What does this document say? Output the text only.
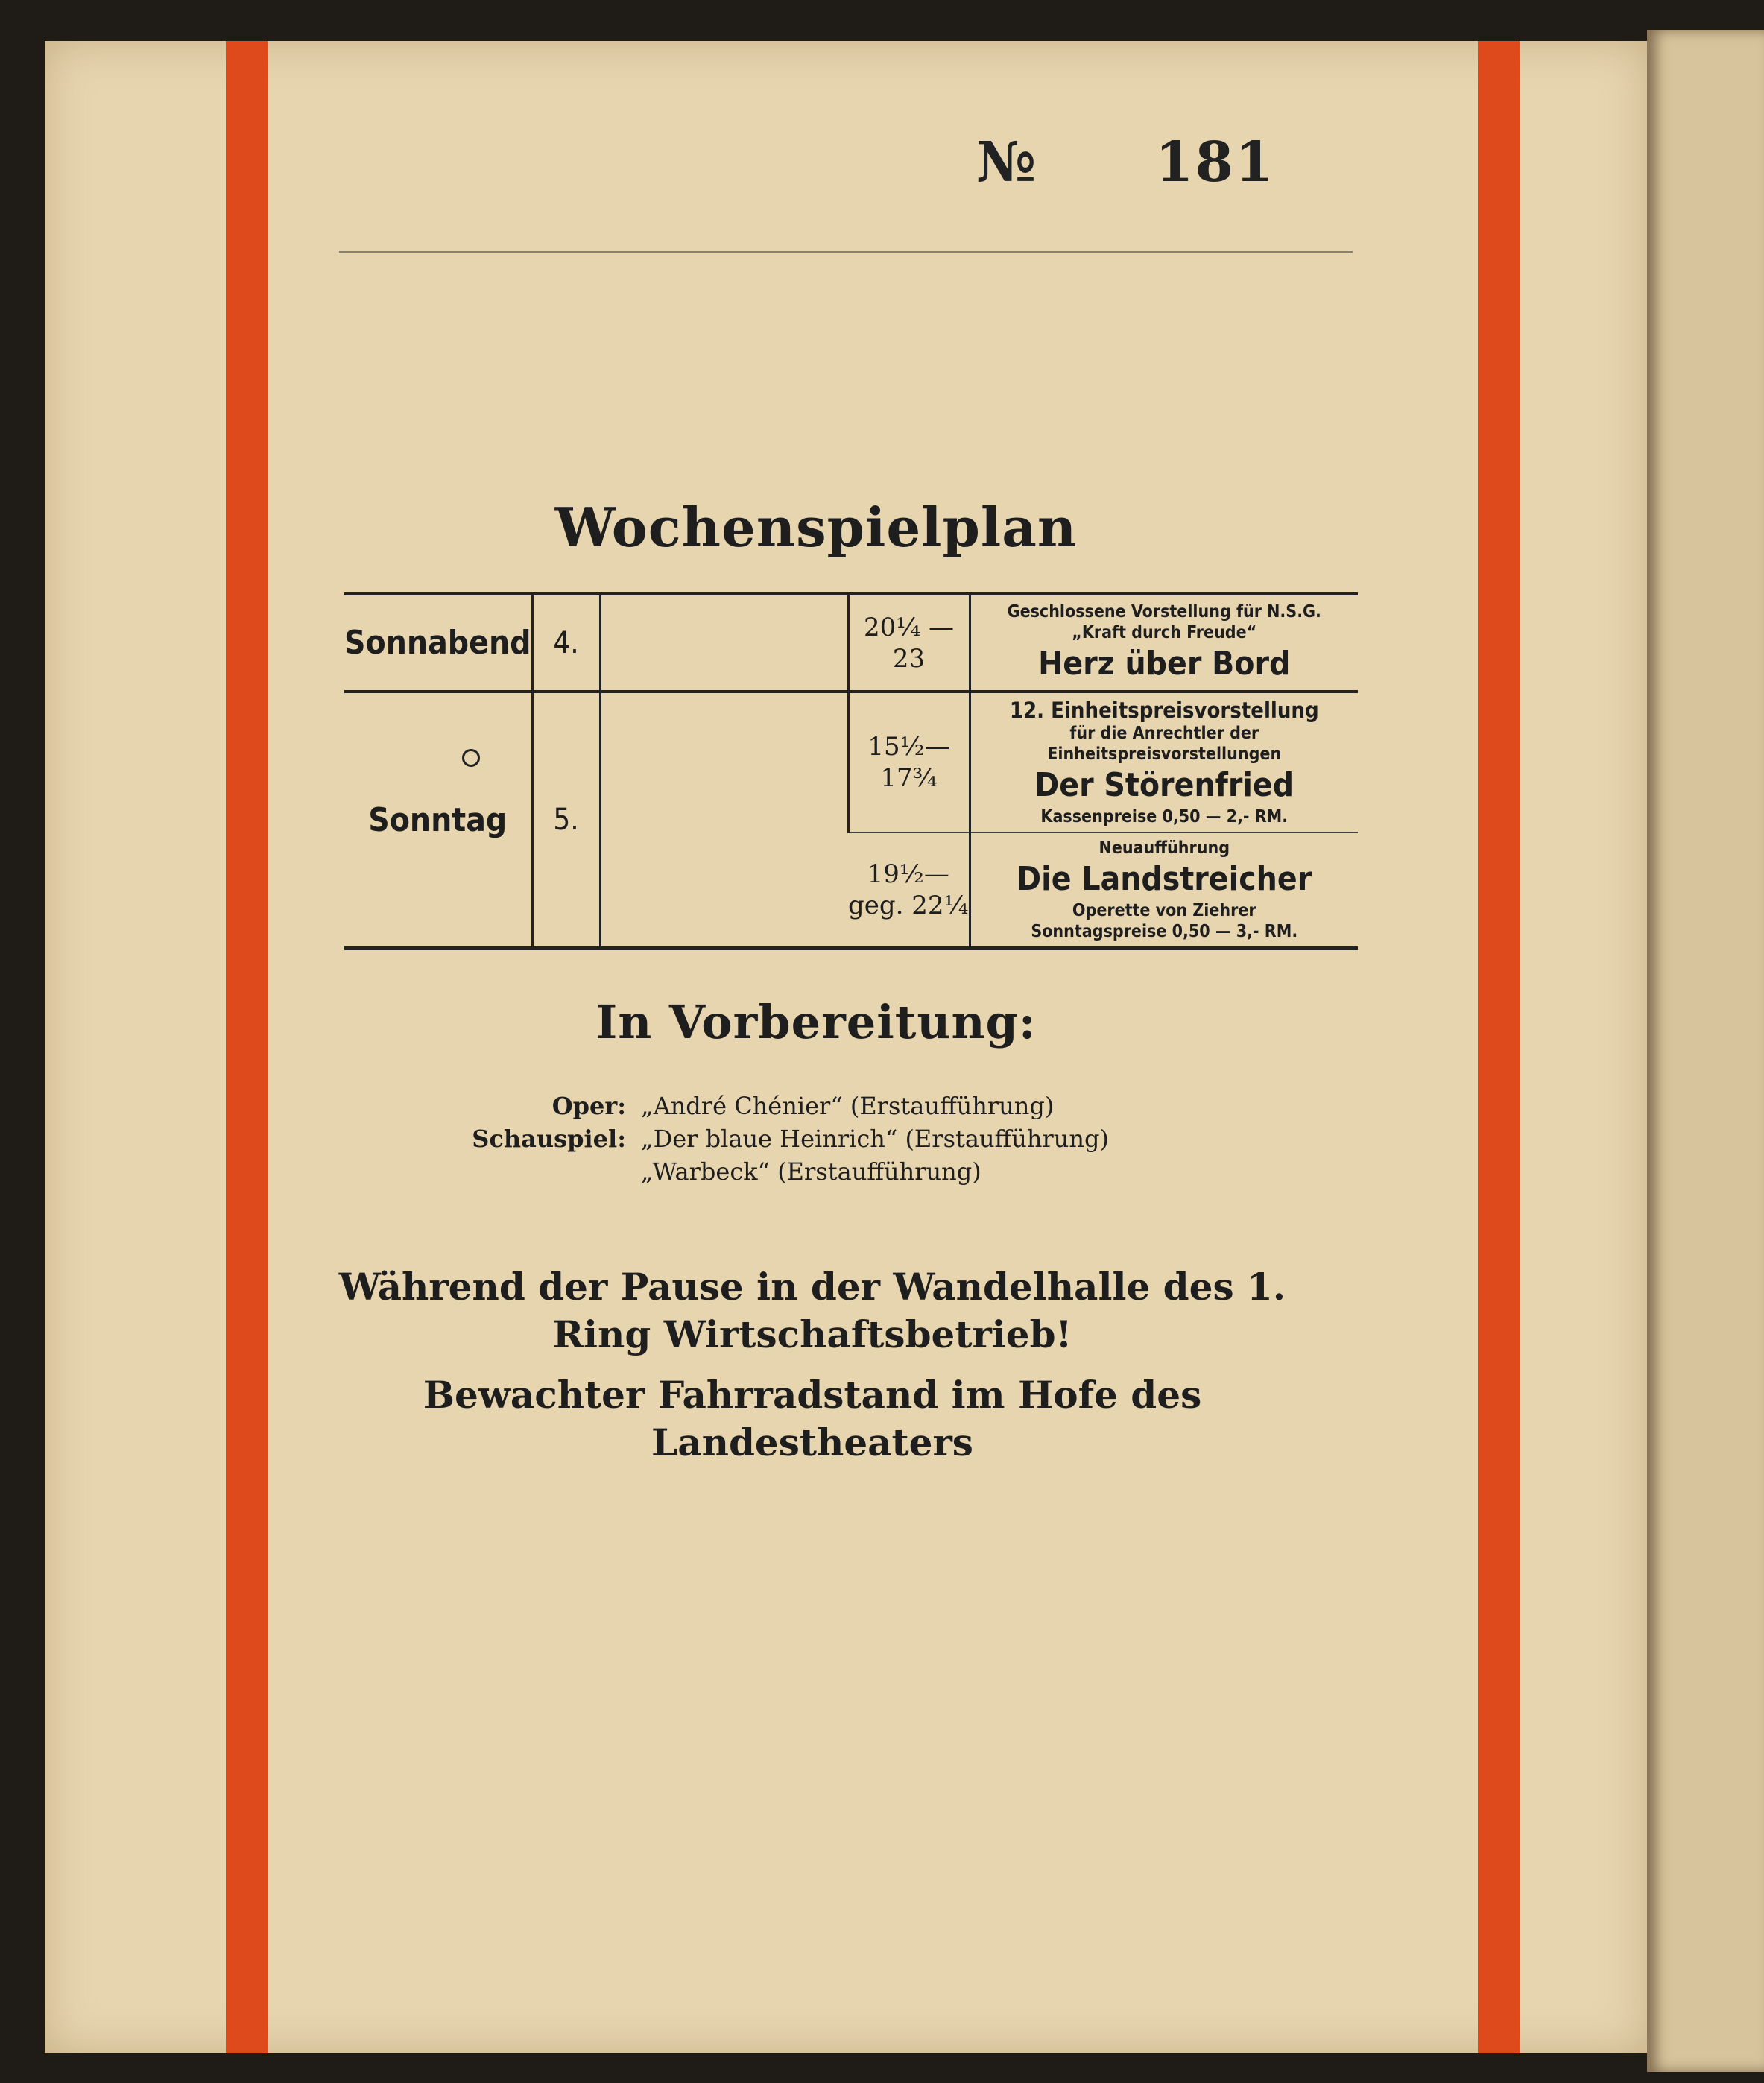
№ 181
Wochenspielplan
Sonnabend	4.		20¼ — 23	Geschlossene Vorstellung für N.S.G.
„Kraft durch Freude“
Herz über Bord

Sonntag	5.		15½— 17¾	12. Einheitspreisvorstellung
für die Anrechtler der
Einheitspreisvorstellungen
Der Störenfried
Kassenpreise 0,50 — 2,- RM.

			19½— geg. 22¼	Neuaufführung
Die Landstreicher
Operette von Ziehrer
Sonntagspreise 0,50 — 3,- RM.
In Vorbereitung:
Oper: „André Chénier“ (Erstaufführung)
Schauspiel: „Der blaue Heinrich“ (Erstaufführung)
„Warbeck“ (Erstaufführung)
Während der Pause in der Wandelhalle des 1. Ring Wirtschaftsbetrieb!
Bewachter Fahrradstand im Hofe des Landestheaters
